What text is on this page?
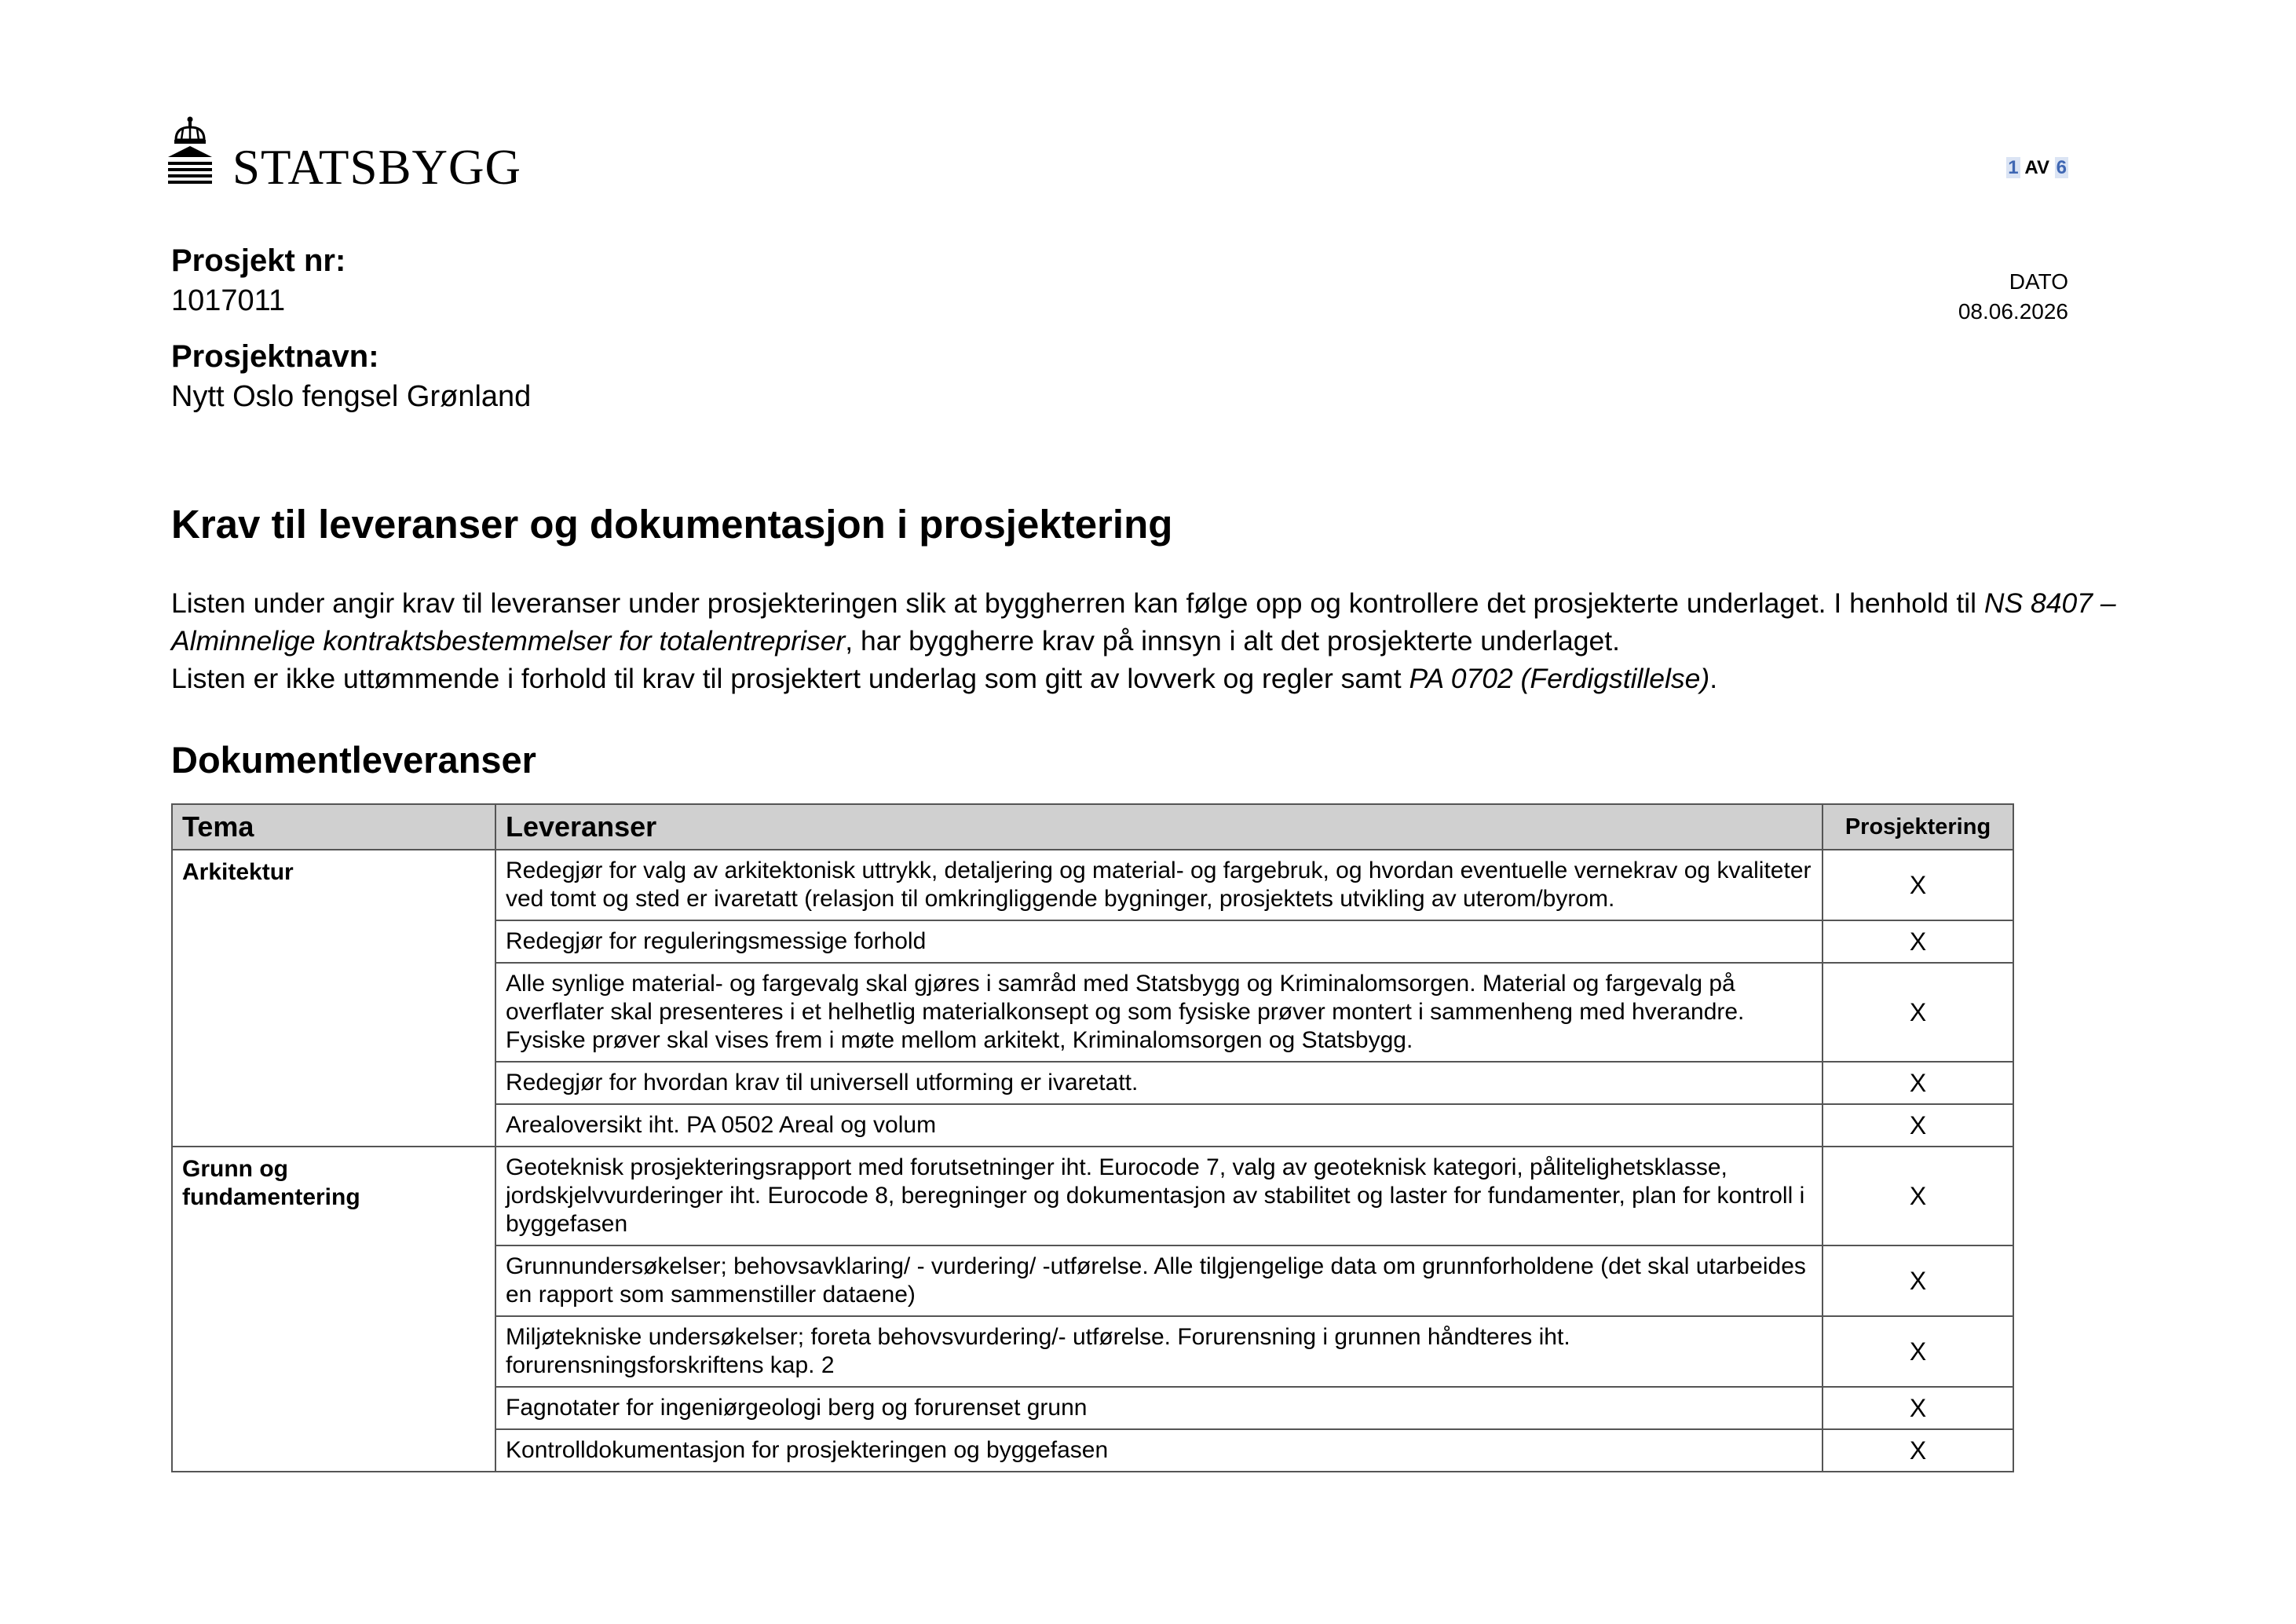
STATSBYGG	1 AV 6
Prosjekt nr:
1017011
Prosjektnavn:
Nytt Oslo fengsel Grønland
DATO
08.06.2026
Krav til leveranser og dokumentasjon i prosjektering

Listen under angir krav til leveranser under prosjekteringen slik at byggherren kan følge opp og kontrollere det prosjekterte underlaget. I henhold til NS 8407 – Alminnelige kontraktsbestemmelser for totalentrepriser, har byggherre krav på innsyn i alt det prosjekterte underlaget.
Listen er ikke uttømmende i forhold til krav til prosjektert underlag som gitt av lovverk og regler samt PA 0702 (Ferdigstillelse).

Dokumentleveranser
Tema	Leveranser	Prosjektering
Arkitektur	Redegjør for valg av arkitektonisk uttrykk, detaljering og material- og fargebruk, og hvordan eventuelle vernekrav og kvaliteter ved tomt og sted er ivaretatt (relasjon til omkringliggende bygninger, prosjektets utvikling av uterom/byrom.	X
	Redegjør for reguleringsmessige forhold	X
	Alle synlige material- og fargevalg skal gjøres i samråd med Statsbygg og Kriminalomsorgen. Material og fargevalg på overflater skal presenteres i et helhetlig materialkonsept og som fysiske prøver montert i sammenheng med hverandre. Fysiske prøver skal vises frem i møte mellom arkitekt, Kriminalomsorgen og Statsbygg.	X
	Redegjør for hvordan krav til universell utforming er ivaretatt.	X
	Arealoversikt iht. PA 0502 Areal og volum	X
Grunn og
fundamentering	Geoteknisk prosjekteringsrapport med forutsetninger iht. Eurocode 7, valg av geoteknisk kategori, pålitelighetsklasse, jordskjelvvurderinger iht. Eurocode 8, beregninger og dokumentasjon av stabilitet og laster for fundamenter, plan for kontroll i byggefasen	X
	Grunnundersøkelser; behovsavklaring/ - vurdering/ -utførelse. Alle tilgjengelige data om grunnforholdene (det skal utarbeides en rapport som sammenstiller dataene)	X
	Miljøtekniske undersøkelser; foreta behovsvurdering/- utførelse. Forurensning i grunnen håndteres iht. forurensningsforskriftens kap. 2	X
	Fagnotater for ingeniørgeologi berg og forurenset grunn	X
	Kontrolldokumentasjon for prosjekteringen og byggefasen	X
